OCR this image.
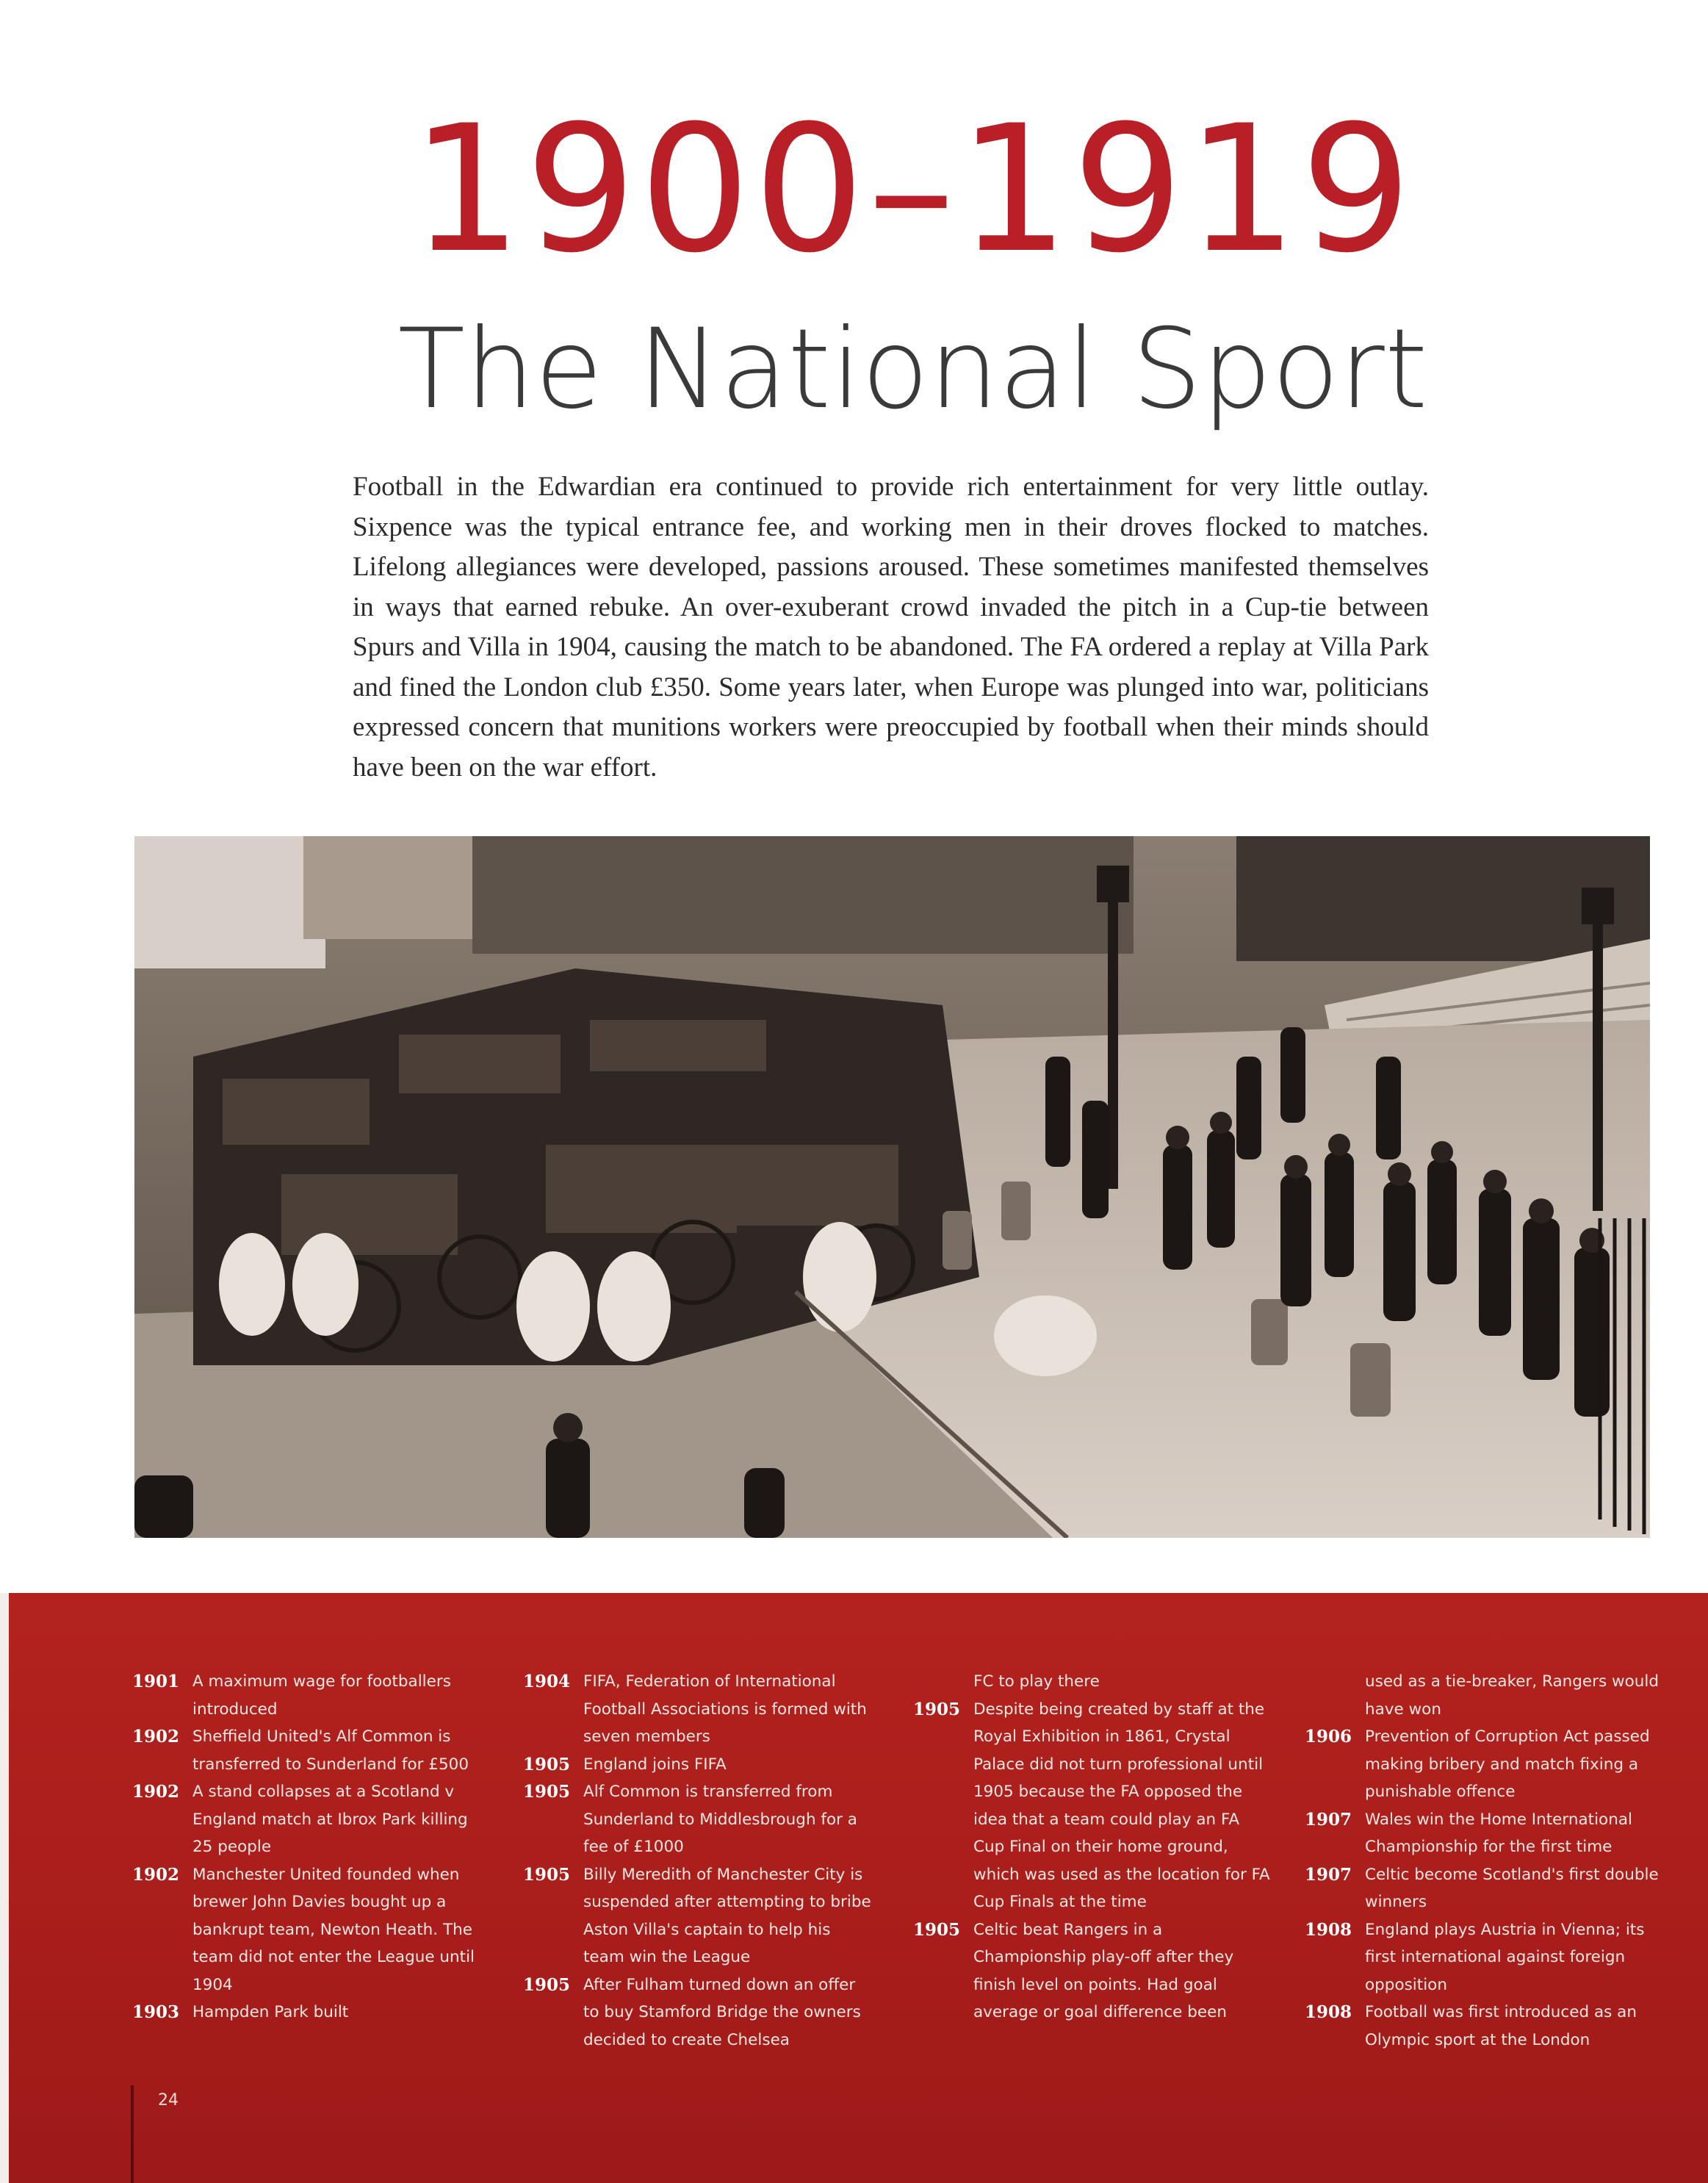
1900–1919
The National Sport

Football in the Edwardian era continued to provide rich entertainment for very little outlay. Sixpence was the typical entrance fee, and working men in their droves flocked to matches. Lifelong allegiances were developed, passions aroused. These sometimes manifested themselves in ways that earned rebuke. An over-exuberant crowd invaded the pitch in a Cup-tie between Spurs and Villa in 1904, causing the match to be abandoned. The FA ordered a replay at Villa Park and fined the London club £350. Some years later, when Europe was plunged into war, politicians expressed concern that munitions workers were preoccupied by football when their minds should have been on the war effort.

1901 A maximum wage for footballers introduced
1902 Sheffield United's Alf Common is transferred to Sunderland for £500
1902 A stand collapses at a Scotland v England match at Ibrox Park killing 25 people
1902 Manchester United founded when brewer John Davies bought up a bankrupt team, Newton Heath. The team did not enter the League until 1904
1903 Hampden Park built
1904 FIFA, Federation of International Football Associations is formed with seven members
1905 England joins FIFA
1905 Alf Common is transferred from Sunderland to Middlesbrough for a fee of £1000
1905 Billy Meredith of Manchester City is suspended after attempting to bribe Aston Villa's captain to help his team win the League
1905 After Fulham turned down an offer to buy Stamford Bridge the owners decided to create Chelsea
FC to play there
1905 Despite being created by staff at the Royal Exhibition in 1861, Crystal Palace did not turn professional until 1905 because the FA opposed the idea that a team could play an FA Cup Final on their home ground, which was used as the location for FA Cup Finals at the time
1905 Celtic beat Rangers in a Championship play-off after they finish level on points. Had goal average or goal difference been
used as a tie-breaker, Rangers would have won
1906 Prevention of Corruption Act passed making bribery and match fixing a punishable offence
1907 Wales win the Home International Championship for the first time
1907 Celtic become Scotland's first double winners
1908 England plays Austria in Vienna; its first international against foreign opposition
1908 Football was first introduced as an Olympic sport at the London
24
